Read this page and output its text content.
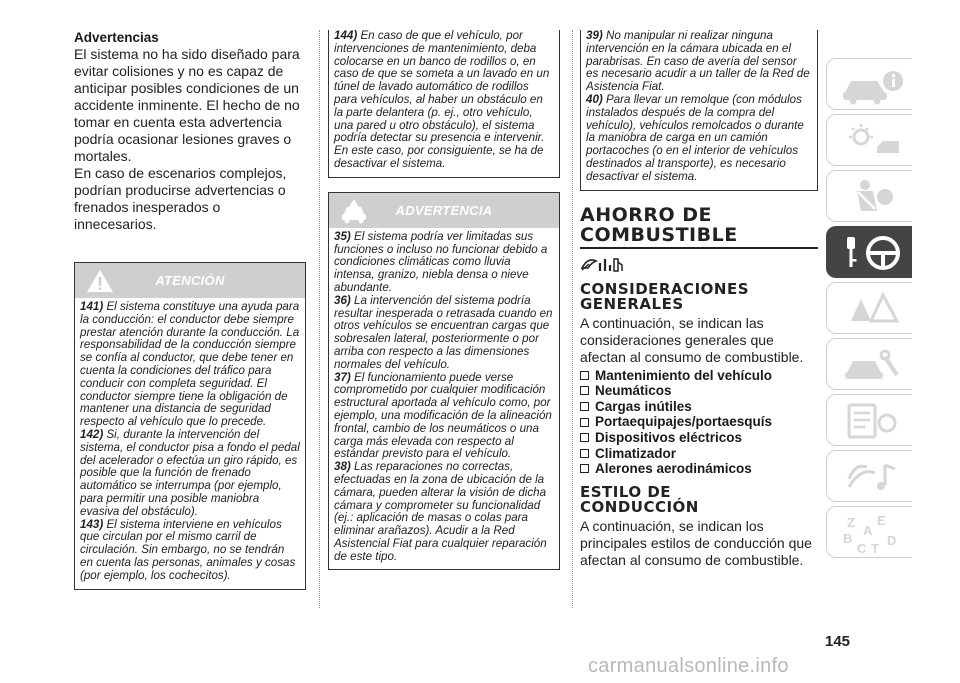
Advertencias

El sistema no ha sido diseñado para evitar colisiones y no es capaz de anticipar posibles condiciones de un accidente inminente. El hecho de no tomar en cuenta esta advertencia podría ocasionar lesiones graves o mortales.

En caso de escenarios complejos, podrían producirse advertencias o frenados inesperados o innecesarios.

ATENCIÓN

141) El sistema constituye una ayuda para la conducción: el conductor debe siempre prestar atención durante la conducción. La responsabilidad de la conducción siempre se confía al conductor, que debe tener en cuenta la condiciones del tráfico para conducir con completa seguridad. El conductor siempre tiene la obligación de mantener una distancia de seguridad respecto al vehículo que lo precede.

142) Si, durante la intervención del sistema, el conductor pisa a fondo el pedal del acelerador o efectúa un giro rápido, es posible que la función de frenado automático se interrumpa (por ejemplo, para permitir una posible maniobra evasiva del obstáculo).

143) El sistema interviene en vehículos que circulan por el mismo carril de circulación. Sin embargo, no se tendrán en cuenta las personas, animales y cosas (por ejemplo, los cochecitos).

144) En caso de que el vehículo, por intervenciones de mantenimiento, deba colocarse en un banco de rodillos o, en caso de que se someta a un lavado en un túnel de lavado automático de rodillos para vehículos, al haber un obstáculo en la parte delantera (p. ej., otro vehículo, una pared u otro obstáculo), el sistema podría detectar su presencia e intervenir. En este caso, por consiguiente, se ha de desactivar el sistema.

ADVERTENCIA

35) El sistema podría ver limitadas sus funciones o incluso no funcionar debido a condiciones climáticas como lluvia intensa, granizo, niebla densa o nieve abundante.

36) La intervención del sistema podría resultar inesperada o retrasada cuando en otros vehículos se encuentran cargas que sobresalen lateral, posteriormente o por arriba con respecto a las dimensiones normales del vehículo.

37) El funcionamiento puede verse comprometido por cualquier modificación estructural aportada al vehículo como, por ejemplo, una modificación de la alineación frontal, cambio de los neumáticos o una carga más elevada con respecto al estándar previsto para el vehículo.

38) Las reparaciones no correctas, efectuadas en la zona de ubicación de la cámara, pueden alterar la visión de dicha cámara y comprometer su funcionalidad (ej.: aplicación de masas o colas para eliminar arañazos). Acudir a la Red Asistencial Fiat para cualquier reparación de este tipo.

39) No manipular ni realizar ninguna intervención en la cámara ubicada en el parabrisas. En caso de avería del sensor es necesario acudir a un taller de la Red de Asistencia Fiat.

40) Para llevar un remolque (con módulos instalados después de la compra del vehículo), vehículos remolcados o durante la maniobra de carga en un camión portacoches (o en el interior de vehículos destinados al transporte), es necesario desactivar el sistema.

AHORRO DE COMBUSTIBLE
CONSIDERACIONES GENERALES

A continuación, se indican las consideraciones generales que afectan al consumo de combustible.

Mantenimiento del vehículo
Neumáticos
Cargas inútiles
Portaequipajes/portaesquís
Dispositivos eléctricos
Climatizador
Alerones aerodinámicos
ESTILO DE CONDUCCIÓN

A continuación, se indican los principales estilos de conducción que afectan al consumo de combustible.

Z E
A
B
C T
D
145
carmanualsonline.info
